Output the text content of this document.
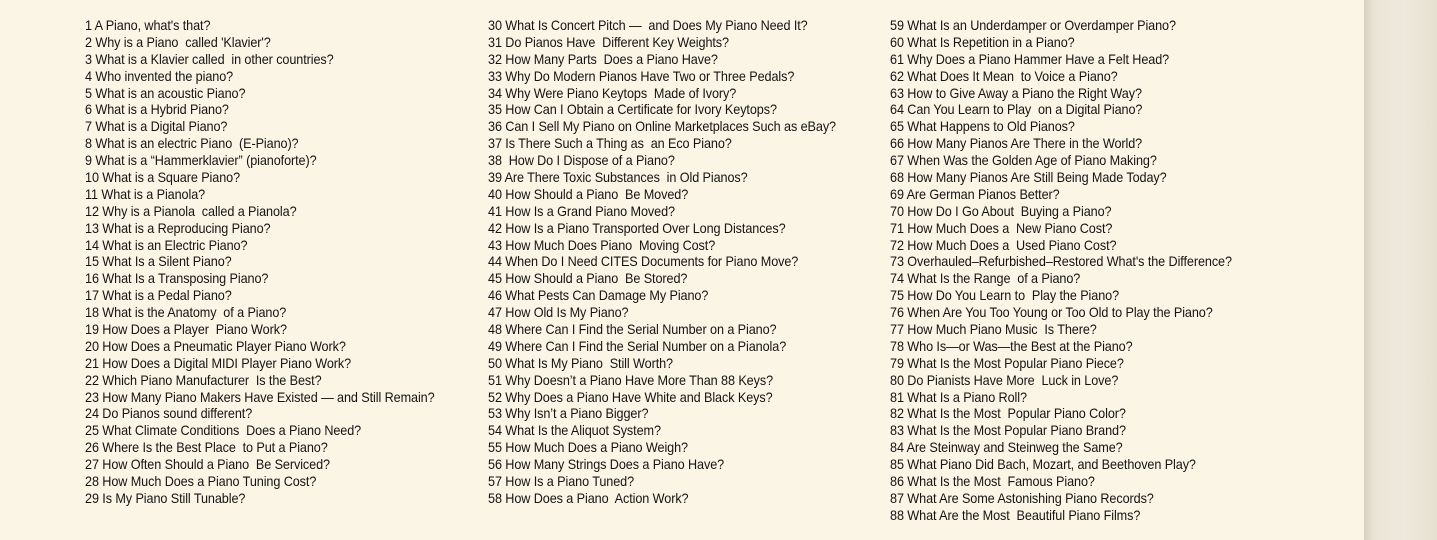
1 A Piano, what's that?
2 Why is a Piano  called 'Klavier'?
3 What is a Klavier called  in other countries?
4 Who invented the piano?
5 What is an acoustic Piano?
6 What is a Hybrid Piano?
7 What is a Digital Piano?
8 What is an electric Piano  (E-Piano)?
9 What is a “Hammerklavier” (pianoforte)?
10 What is a Square Piano?
11 What is a Pianola?
12 Why is a Pianola  called a Pianola?
13 What is a Reproducing Piano?
14 What is an Electric Piano?
15 What Is a Silent Piano?
16 What Is a Transposing Piano?
17 What is a Pedal Piano?
18 What is the Anatomy  of a Piano?
19 How Does a Player  Piano Work?
20 How Does a Pneumatic Player Piano Work?
21 How Does a Digital MIDI Player Piano Work?
22 Which Piano Manufacturer  Is the Best?
23 How Many Piano Makers Have Existed — and Still Remain?
24 Do Pianos sound different?
25 What Climate Conditions  Does a Piano Need?
26 Where Is the Best Place  to Put a Piano?
27 How Often Should a Piano  Be Serviced?
28 How Much Does a Piano Tuning Cost?
29 Is My Piano Still Tunable?
30 What Is Concert Pitch —  and Does My Piano Need It?
31 Do Pianos Have  Different Key Weights?
32 How Many Parts  Does a Piano Have?
33 Why Do Modern Pianos Have Two or Three Pedals?
34 Why Were Piano Keytops  Made of Ivory?
35 How Can I Obtain a Certificate for Ivory Keytops?
36 Can I Sell My Piano on Online Marketplaces Such as eBay?
37 Is There Such a Thing as  an Eco Piano?
38  How Do I Dispose of a Piano?
39 Are There Toxic Substances  in Old Pianos?
40 How Should a Piano  Be Moved?
41 How Is a Grand Piano Moved?
42 How Is a Piano Transported Over Long Distances?
43 How Much Does Piano  Moving Cost?
44 When Do I Need CITES Documents for Piano Move?
45 How Should a Piano  Be Stored?
46 What Pests Can Damage My Piano?
47 How Old Is My Piano?
48 Where Can I Find the Serial Number on a Piano?
49 Where Can I Find the Serial Number on a Pianola?
50 What Is My Piano  Still Worth?
51 Why Doesn’t a Piano Have More Than 88 Keys?
52 Why Does a Piano Have White and Black Keys?
53 Why Isn’t a Piano Bigger?
54 What Is the Aliquot System?
55 How Much Does a Piano Weigh?
56 How Many Strings Does a Piano Have?
57 How Is a Piano Tuned?
58 How Does a Piano  Action Work?
59 What Is an Underdamper or Overdamper Piano?
60 What Is Repetition in a Piano?
61 Why Does a Piano Hammer Have a Felt Head?
62 What Does It Mean  to Voice a Piano?
63 How to Give Away a Piano the Right Way?
64 Can You Learn to Play  on a Digital Piano?
65 What Happens to Old Pianos?
66 How Many Pianos Are There in the World?
67 When Was the Golden Age of Piano Making?
68 How Many Pianos Are Still Being Made Today?
69 Are German Pianos Better?
70 How Do I Go About  Buying a Piano?
71 How Much Does a  New Piano Cost?
72 How Much Does a  Used Piano Cost?
73 Overhauled–Refurbished–Restored What's the Difference?
74 What Is the Range  of a Piano?
75 How Do You Learn to  Play the Piano?
76 When Are You Too Young or Too Old to Play the Piano?
77 How Much Piano Music  Is There?
78 Who Is—or Was—the Best at the Piano?
79 What Is the Most Popular Piano Piece?
80 Do Pianists Have More  Luck in Love?
81 What Is a Piano Roll?
82 What Is the Most  Popular Piano Color?
83 What Is the Most Popular Piano Brand?
84 Are Steinway and Steinweg the Same?
85 What Piano Did Bach, Mozart, and Beethoven Play?
86 What Is the Most  Famous Piano?
87 What Are Some Astonishing Piano Records?
88 What Are the Most  Beautiful Piano Films?
